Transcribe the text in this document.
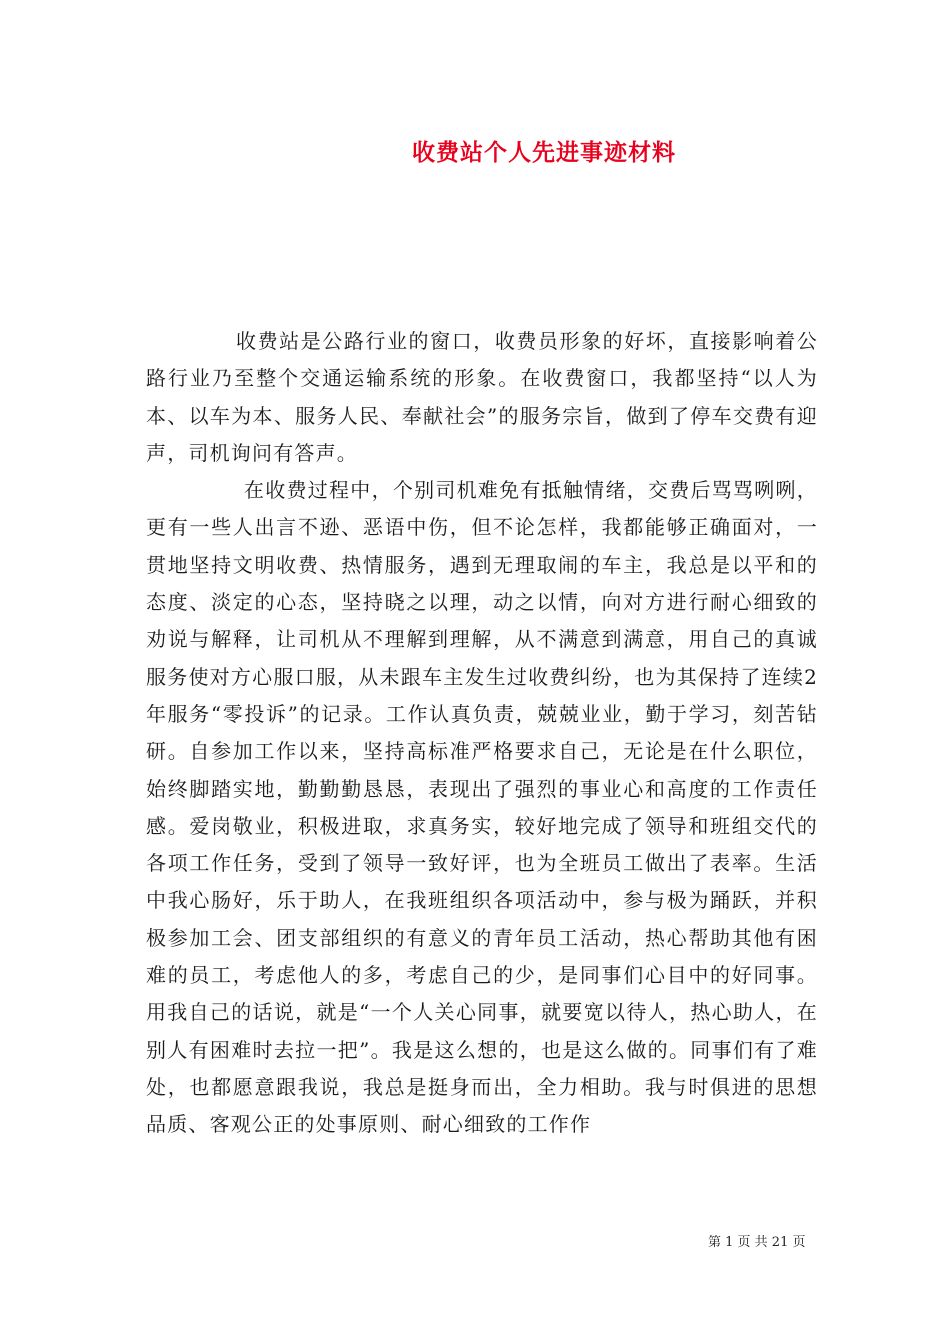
收费站个人先进事迹材料

收费站是公路行业的窗口，收费员形象的好坏，直接影响着公路行业乃至整个交通运输系统的形象。在收费窗口，我都坚持“以人为本、以车为本、服务人民、奉献社会”的服务宗旨，做到了停车交费有迎声，司机询问有答声。

在收费过程中，个别司机难免有抵触情绪，交费后骂骂咧咧，更有一些人出言不逊、恶语中伤，但不论怎样，我都能够正确面对，一贯地坚持文明收费、热情服务，遇到无理取闹的车主，我总是以平和的态度、淡定的心态，坚持晓之以理，动之以情，向对方进行耐心细致的劝说与解释，让司机从不理解到理解，从不满意到满意，用自己的真诚服务使对方心服口服，从未跟车主发生过收费纠纷，也为其保持了连续2年服务“零投诉”的记录。工作认真负责，兢兢业业，勤于学习，刻苦钻研。自参加工作以来，坚持高标准严格要求自己，无论是在什么职位，始终脚踏实地，勤勤勤恳恳，表现出了强烈的事业心和高度的工作责任感。爱岗敬业，积极进取，求真务实，较好地完成了领导和班组交代的各项工作任务，受到了领导一致好评，也为全班员工做出了表率。生活中我心肠好，乐于助人，在我班组织各项活动中，参与极为踊跃，并积极参加工会、团支部组织的有意义的青年员工活动，热心帮助其他有困难的员工，考虑他人的多，考虑自己的少，是同事们心目中的好同事。用我自己的话说，就是“一个人关心同事，就要宽以待人，热心助人，在别人有困难时去拉一把”。我是这么想的，也是这么做的。同事们有了难处，也都愿意跟我说，我总是挺身而出，全力相助。我与时俱进的思想品质、客观公正的处事原则、耐心细致的工作作

第 1 页 共 21 页
